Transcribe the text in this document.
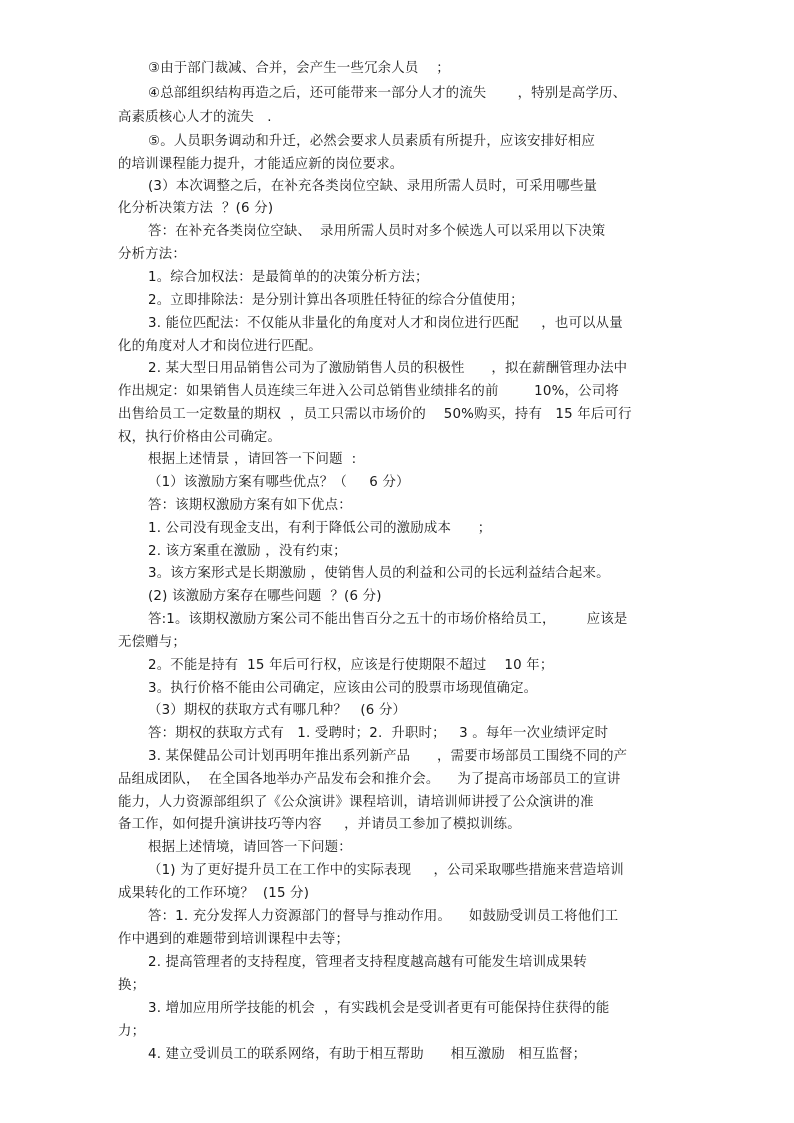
③由于部门裁减、合并，会产生一些冗余人员    ；
④总部组织结构再造之后，还可能带来一部分人才的流失       ，特别是高学历、
高素质核心人才的流失   .
⑤。人员职务调动和升迁，必然会要求人员素质有所提升，应该安排好相应
的培训课程能力提升，才能适应新的岗位要求。
(3）本次调整之后，在补充各类岗位空缺、录用所需人员时，可采用哪些量
化分析决策方法  ？(6 分)
答：在补充各类岗位空缺、  录用所需人员时对多个候选人可以采用以下决策
分析方法：
1。综合加权法：是最简单的的决策分析方法；
2。立即排除法：是分别计算出各项胜任特征的综合分值使用；
3. 能位匹配法：不仅能从非量化的角度对人才和岗位进行匹配     ，也可以从量
化的角度对人才和岗位进行匹配。
2. 某大型日用品销售公司为了激励销售人员的积极性      ，拟在薪酬管理办法中
作出规定：如果销售人员连续三年进入公司总销售业绩排名的前        10%，公司将
出售给员工一定数量的期权  ，员工只需以市场价的    50%购买，持有   15 年后可行
权，执行价格由公司确定。
根据上述情景 ，请回答一下问题  :
（1）该激励方案有哪些优点？（     6 分）
答：该期权激励方案有如下优点：
1. 公司没有现金支出，有利于降低公司的激励成本      ；
2. 该方案重在激励 ，没有约束；
3。该方案形式是长期激励 ，使销售人员的利益和公司的长远利益结合起来。
(2) 该激励方案存在哪些问题  ？(6 分)
答:1。该期权激励方案公司不能出售百分之五十的市场价格给员工，       应该是
无偿赠与；
2。不能是持有  15 年后可行权，应该是行使期限不超过    10 年；
3。执行价格不能由公司确定，应该由公司的股票市场现值确定。
（3）期权的获取方式有哪几种？   (6 分）
答：期权的获取方式有   1. 受聘时；2.  升职时；   3 。每年一次业绩评定时
3. 某保健品公司计划再明年推出系列新产品      ，需要市场部员工围绕不同的产
品组成团队，  在全国各地举办产品发布会和推介会。    为了提高市场部员工的宣讲
能力，人力资源部组织了《公众演讲》课程培训，请培训师讲授了公众演讲的准
备工作，如何提升演讲技巧等内容     ，并请员工参加了模拟训练。
根据上述情境，请回答一下问题：
（1) 为了更好提升员工在工作中的实际表现     ，公司采取哪些措施来营造培训
成果转化的工作环境？  (15 分)
答：1. 充分发挥人力资源部门的督导与推动作用。    如鼓励受训员工将他们工
作中遇到的难题带到培训课程中去等；
2. 提高管理者的支持程度，管理者支持程度越高越有可能发生培训成果转
换；
3. 增加应用所学技能的机会  ，有实践机会是受训者更有可能保持住获得的能
力；
4. 建立受训员工的联系网络，有助于相互帮助      相互激励   相互监督；
